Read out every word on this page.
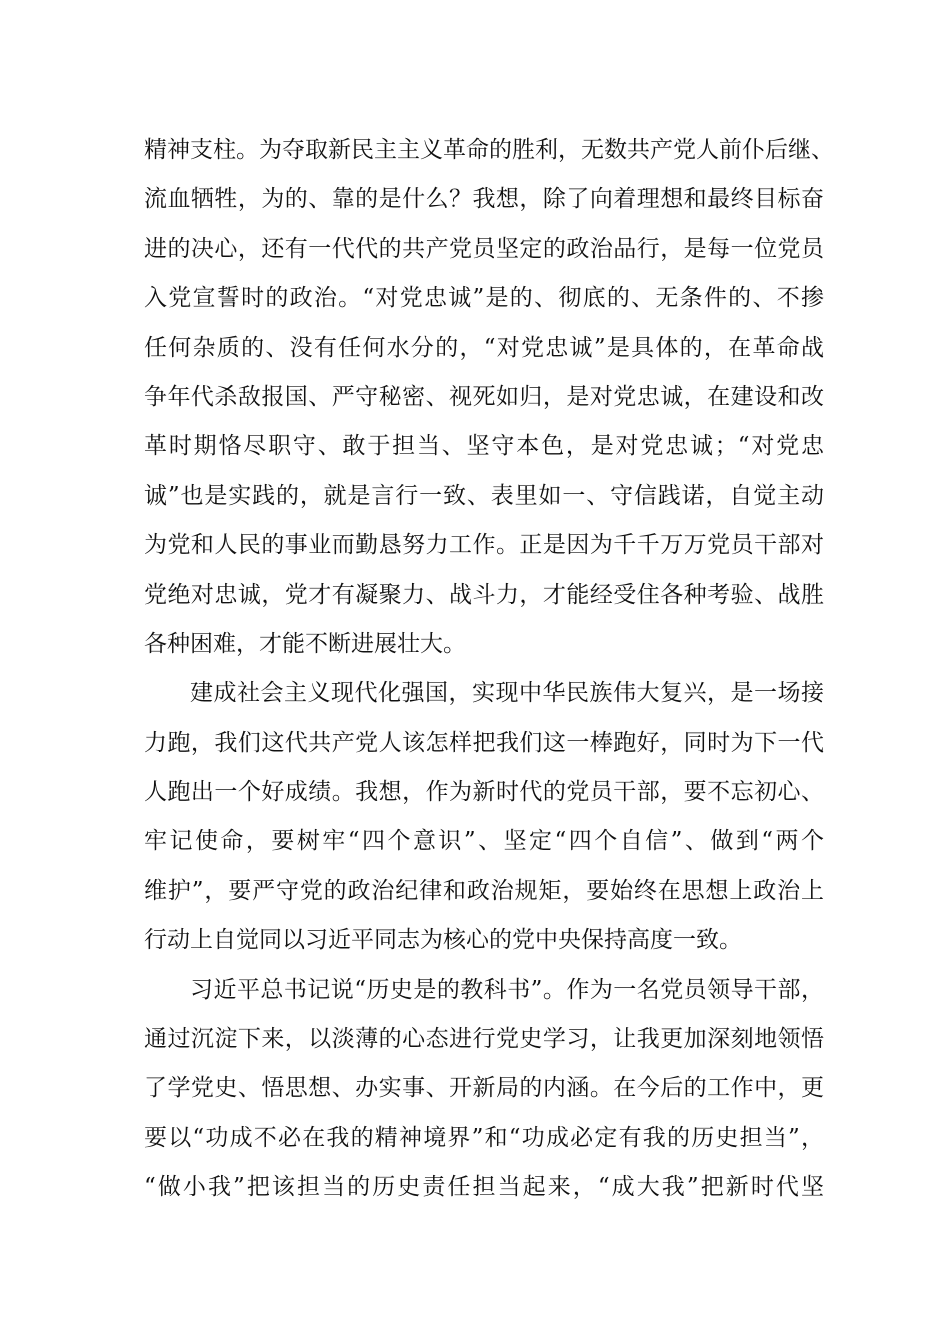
精神支柱。为夺取新民主主义革命的胜利，无数共产党人前仆后继、
流血牺牲，为的、靠的是什么？我想，除了向着理想和最终目标奋
进的决心，还有一代代的共产党员坚定的政治品行，是每一位党员
入党宣誓时的政治。“对党忠诚”是的、彻底的、无条件的、不掺
任何杂质的、没有任何水分的，“对党忠诚”是具体的，在革命战
争年代杀敌报国、严守秘密、视死如归，是对党忠诚，在建设和改
革时期恪尽职守、敢于担当、坚守本色，是对党忠诚；“对党忠
诚”也是实践的，就是言行一致、表里如一、守信践诺，自觉主动
为党和人民的事业而勤恳努力工作。正是因为千千万万党员干部对
党绝对忠诚，党才有凝聚力、战斗力，才能经受住各种考验、战胜
各种困难，才能不断进展壮大。
建成社会主义现代化强国，实现中华民族伟大复兴，是一场接
力跑，我们这代共产党人该怎样把我们这一棒跑好，同时为下一代
人跑出一个好成绩。我想，作为新时代的党员干部，要不忘初心、
牢记使命，要树牢“四个意识”、坚定“四个自信”、做到“两个
维护”，要严守党的政治纪律和政治规矩，要始终在思想上政治上
行动上自觉同以习近平同志为核心的党中央保持高度一致。
习近平总书记说“历史是的教科书”。作为一名党员领导干部，
通过沉淀下来，以淡薄的心态进行党史学习，让我更加深刻地领悟
了学党史、悟思想、办实事、开新局的内涵。在今后的工作中，更
要以“功成不必在我的精神境界”和“功成必定有我的历史担当”，
“做小我”把该担当的历史责任担当起来，“成大我”把新时代坚
